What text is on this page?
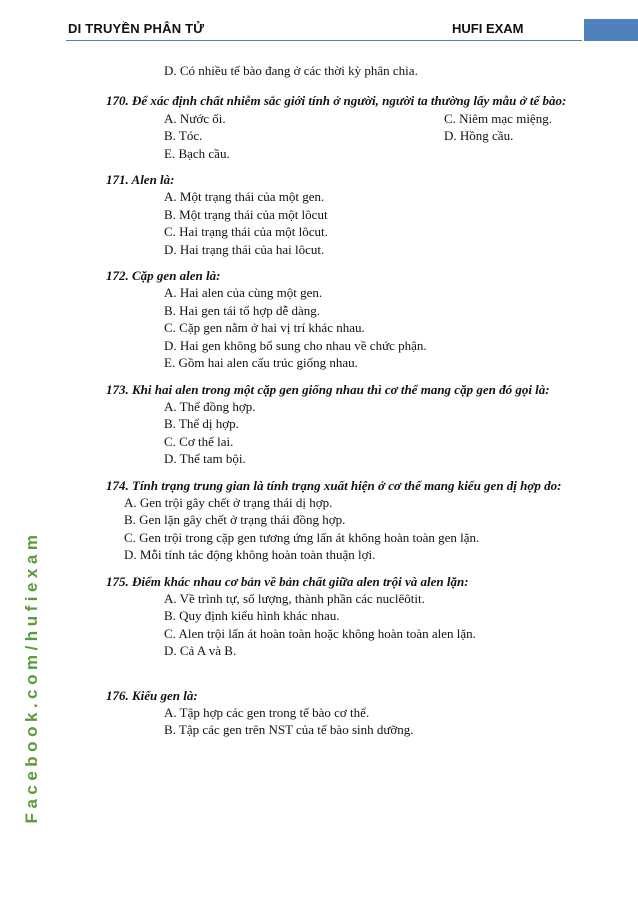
DI TRUYỀN PHÂN TỬ	HUFI EXAM
Facebook.com/hufiexam
D. Có nhiều tế bào đang ở các thời kỳ phân chia.
170. Để xác định chất nhiễm sắc giới tính ở người, người ta thường lấy mẫu ở tế bào:
A. Nước ối.	C. Niêm mạc miệng.
B. Tóc.	D. Hồng cầu.
E. Bạch cầu.
171. Alen là:
A. Một trạng thái của một gen.
B. Một trạng thái của một lôcut
C. Hai trạng thái của một lôcut.
D. Hai trạng thái của hai lôcut.
172. Cặp gen alen là:
A. Hai alen của cùng một gen.
B. Hai gen tái tổ hợp dễ dàng.
C. Cặp gen nằm ở hai vị trí khác nhau.
D. Hai gen không bổ sung cho nhau về chức phận.
E. Gồm hai alen cấu trúc giống nhau.
173. Khi hai alen trong một cặp gen giống nhau thì cơ thể mang cặp gen đó gọi là:
A. Thể đồng hợp.
B. Thể dị hợp.
C. Cơ thể lai.
D. Thể tam bội.
174. Tính trạng trung gian là tính trạng xuất hiện ở cơ thể mang kiểu gen dị hợp do:
A. Gen trội gây chết ở trạng thái dị hợp.
B. Gen lặn gây chết ở trạng thái đồng hợp.
C. Gen trội trong cặp gen tương ứng lấn át không hoàn toàn gen lặn.
D. Mỗi tính tác động không hoàn toàn thuận lợi.
175. Điểm khác nhau cơ bản về bản chất giữa alen trội và alen lặn:
A. Về trình tự, số lượng, thành phần các nuclêôtit.
B. Quy định kiểu hình khác nhau.
C. Alen trội lấn át hoàn toàn hoặc không hoàn toàn alen lặn.
D. Cả A và B.
176. Kiểu gen là:
A. Tập hợp các gen trong tế bào cơ thể.
B. Tập các gen trên NST của tế bào sinh dưỡng.
